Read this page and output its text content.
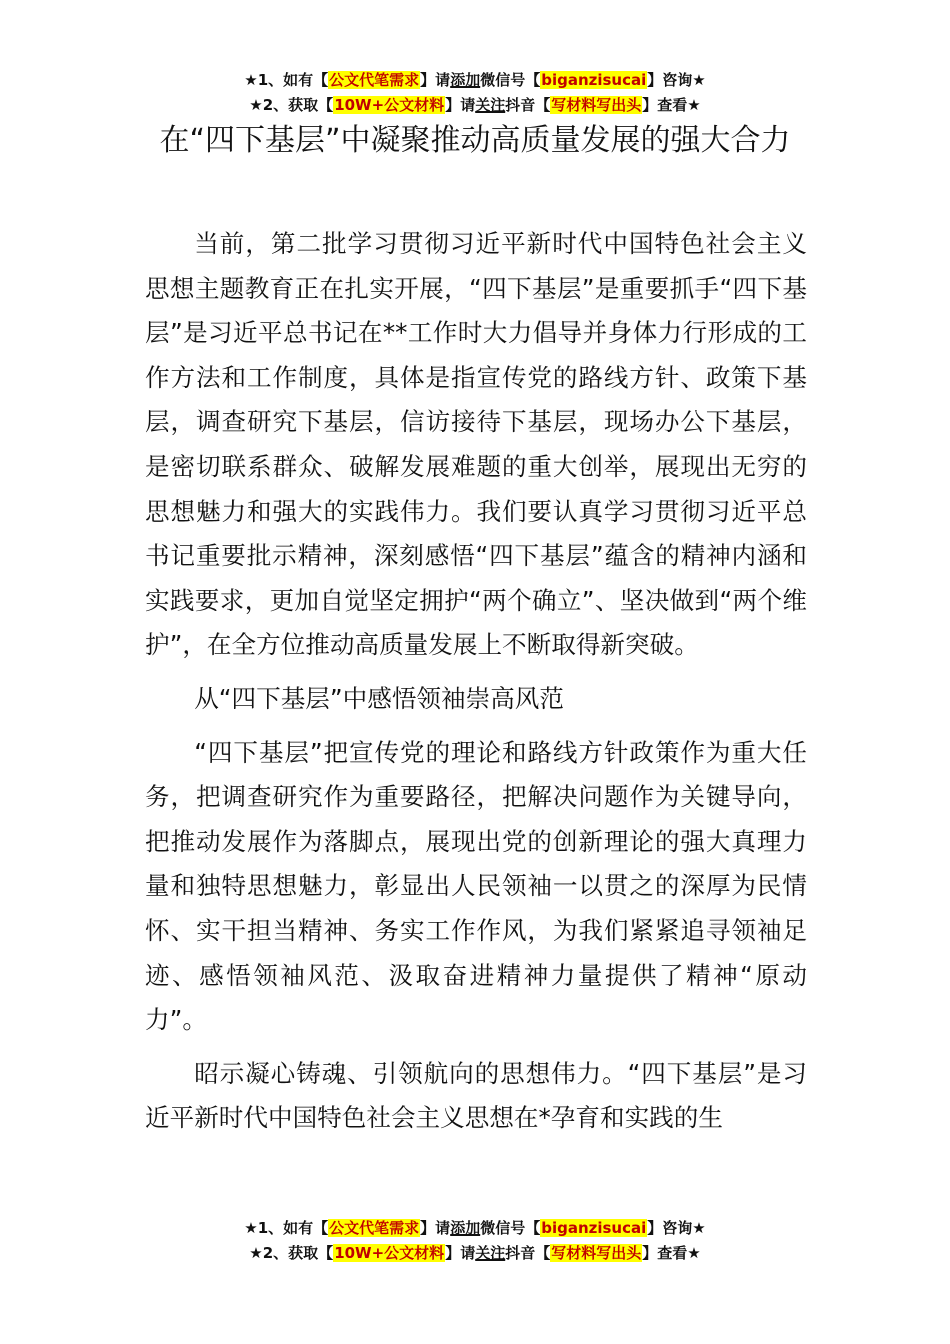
★1、如有【公文代笔需求】请添加微信号【biganzisucai】咨询★
★2、获取【10W+公文材料】请关注抖音【写材料写出头】查看★
在“四下基层”中凝聚推动高质量发展的强大合力

当前，第二批学习贯彻习近平新时代中国特色社会主义思想主题教育正在扎实开展，“四下基层”是重要抓手“四下基层”是习近平总书记在**工作时大力倡导并身体力行形成的工作方法和工作制度，具体是指宣传党的路线方针、政策下基层，调查研究下基层，信访接待下基层，现场办公下基层，是密切联系群众、破解发展难题的重大创举，展现出无穷的思想魅力和强大的实践伟力。我们要认真学习贯彻习近平总书记重要批示精神，深刻感悟“四下基层”蕴含的精神内涵和实践要求，更加自觉坚定拥护“两个确立”、坚决做到“两个维护”，在全方位推动高质量发展上不断取得新突破。

从“四下基层”中感悟领袖崇高风范

“四下基层”把宣传党的理论和路线方针政策作为重大任务，把调查研究作为重要路径，把解决问题作为关键导向，把推动发展作为落脚点，展现出党的创新理论的强大真理力量和独特思想魅力，彰显出人民领袖一以贯之的深厚为民情怀、实干担当精神、务实工作作风，为我们紧紧追寻领袖足迹、感悟领袖风范、汲取奋进精神力量提供了精神“原动力”。

昭示凝心铸魂、引领航向的思想伟力。“四下基层”是习近平新时代中国特色社会主义思想在*孕育和实践的生

★1、如有【公文代笔需求】请添加微信号【biganzisucai】咨询★
★2、获取【10W+公文材料】请关注抖音【写材料写出头】查看★
